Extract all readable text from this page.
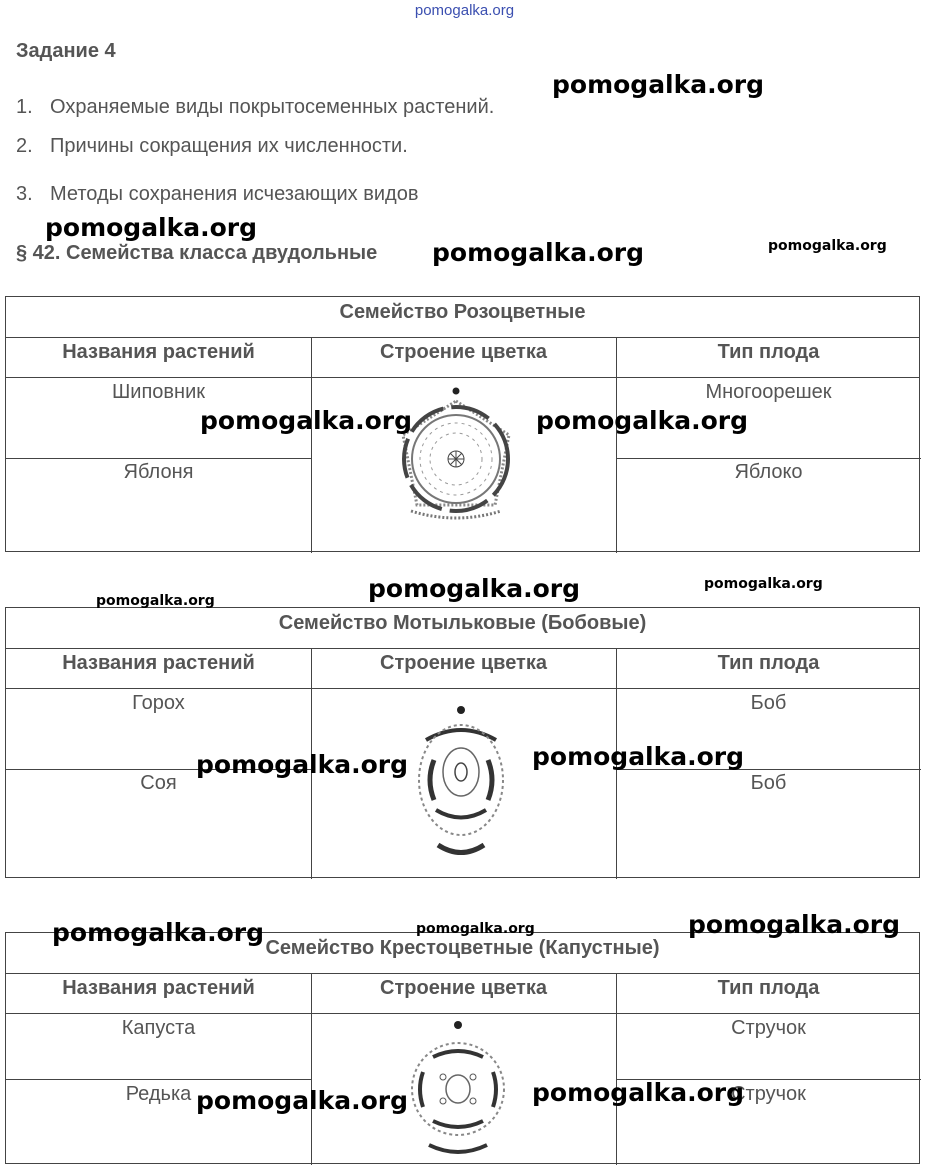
pomogalka.org
Задание 4
1. Охраняемые виды покрытосеменных растений.
2. Причины сокращения их численности.
3. Методы сохранения исчезающих видов
§ 42. Семейства класса двудольные
Семейство Розоцветные
Названия растений	Строение цветка	Тип плода
Шиповник	Многоорешек
Яблоня	Яблоко
Семейство Мотыльковые (Бобовые)
Названия растений	Строение цветка	Тип плода
Горох	Боб
Соя	Боб
Семейство Крестоцветные (Капустные)
Названия растений	Строение цветка	Тип плода
Капуста	Стручок
Редька	Стручок
pomogalka.org
pomogalka.org
pomogalka.org	pomogalka.org
pomogalka.org	pomogalka.org
pomogalka.org	pomogalka.org
pomogalka.org
pomogalka.org
pomogalka.org
pomogalka.org
pomogalka.org
pomogalka.org
pomogalka.org
pomogalka.org
